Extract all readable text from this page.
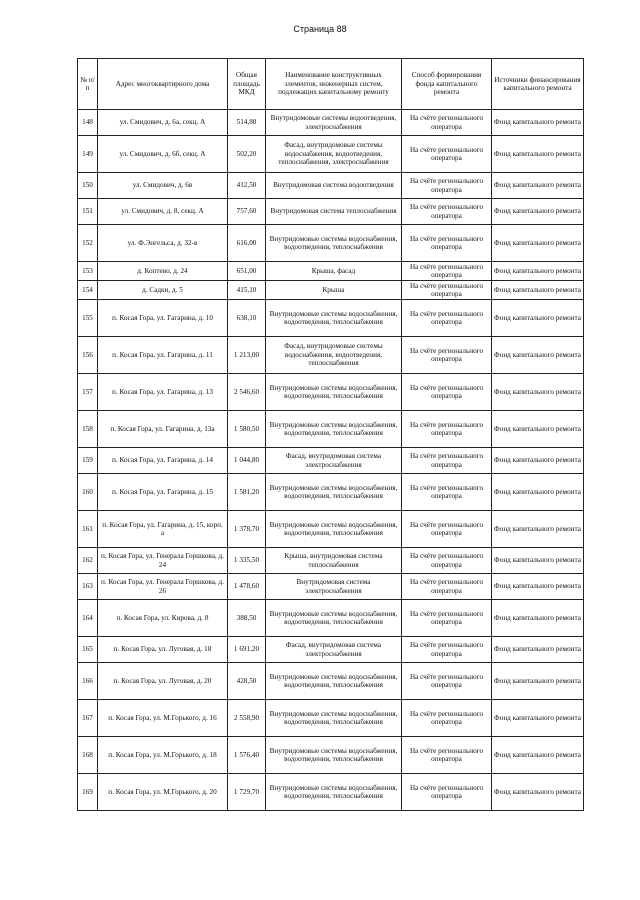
Страница 88
№ п/п	Адрес многоквартирного дома	Общая площадь МКД	Наименование конструктивных элементов, инженерных систем, подлежащих капитальному ремонту	Способ формирования фонда капитального ремонта	Источники финансирования капитального ремонта
148	ул. Смидович, д. 6а, секц. А	514,80	Внутридомовые системы водоотведения, электроснабжения	На счёте регионального оператора	Фонд капитального ремонта
149	ул. Смидович, д. 6б, секц. А	502,20	Фасад, внутридомовые системы водоснабжения, водоотведения, теплоснабжения, электроснабжения	На счёте регионального оператора	Фонд капитального ремонта
150	ул. Смидович, д. 6в	412,50	Внутридомовая система водоотведения	На счёте регионального оператора	Фонд капитального ремонта
151	ул. Смидович, д. 8, секц. А	757,60	Внутридомовая система теплоснабжения	На счёте регионального оператора	Фонд капитального ремонта
152	ул. Ф.Энгельса, д. 32-в	616,00	Внутридомовые системы водоснабжения, водоотведения, теплоснабжения	На счёте регионального оператора	Фонд капитального ремонта
153	д. Коптево, д. 24	651,00	Крыша, фасад	На счёте регионального оператора	Фонд капитального ремонта
154	д. Садки, д. 5	415,10	Крыша	На счёте регионального оператора	Фонд капитального ремонта
155	п. Косая Гора, ул. Гагарина, д. 10	638,10	Внутридомовые системы водоснабжения, водоотведения, теплоснабжения	На счёте регионального оператора	Фонд капитального ремонта
156	п. Косая Гора, ул. Гагарина, д. 11	1 213,00	Фасад, внутридомовые системы водоснабжения, водоотведения, теплоснабжения	На счёте регионального оператора	Фонд капитального ремонта
157	п. Косая Гора, ул. Гагарина, д. 13	2 546,60	Внутридомовые системы водоснабжения, водоотведения, теплоснабжения	На счёте регионального оператора	Фонд капитального ремонта
158	п. Косая Гора, ул. Гагарина, д. 13а	1 580,50	Внутридомовые системы водоснабжения, водоотведения, теплоснабжения	На счёте регионального оператора	Фонд капитального ремонта
159	п. Косая Гора, ул. Гагарина, д. 14	1 044,80	Фасад, внутридомовая система электроснабжения	На счёте регионального оператора	Фонд капитального ремонта
160	п. Косая Гора, ул. Гагарина, д. 15	1 581,20	Внутридомовые системы водоснабжения, водоотведения, теплоснабжения	На счёте регионального оператора	Фонд капитального ремонта
161	п. Косая Гора, ул. Гагарина, д. 15, корп. а	1 378,70	Внутридомовые системы водоснабжения, водоотведения, теплоснабжения	На счёте регионального оператора	Фонд капитального ремонта
162	п. Косая Гора, ул. Генерала Горшкова, д. 24	1 335,50	Крыша, внутридомовая система теплоснабжения	На счёте регионального оператора	Фонд капитального ремонта
163	п. Косая Гора, ул. Генерала Горшкова, д. 26	1 478,60	Внутридомовая система электроснабжения	На счёте регионального оператора	Фонд капитального ремонта
164	п. Косая Гора, ул. Кирова, д. 8	388,50	Внутридомовые системы водоснабжения, водоотведения, теплоснабжения	На счёте регионального оператора	Фонд капитального ремонта
165	п. Косая Гора, ул. Луговая, д. 18	1 691,20	Фасад, внутридомовая система электроснабжения	На счёте регионального оператора	Фонд капитального ремонта
166	п. Косая Гора, ул. Луговая, д. 20	428,50	Внутридомовые системы водоснабжения, водоотведения, теплоснабжения	На счёте регионального оператора	Фонд капитального ремонта
167	п. Косая Гора, ул. М.Горького, д. 16	2 558,90	Внутридомовые системы водоснабжения, водоотведения, теплоснабжения	На счёте регионального оператора	Фонд капитального ремонта
168	п. Косая Гора, ул. М.Горького, д. 18	1 576,40	Внутридомовые системы водоснабжения, водоотведения, теплоснабжения	На счёте регионального оператора	Фонд капитального ремонта
169	п. Косая Гора, ул. М.Горького, д. 20	1 729,70	Внутридомовые системы водоснабжения, водоотведения, теплоснабжения	На счёте регионального оператора	Фонд капитального ремонта
